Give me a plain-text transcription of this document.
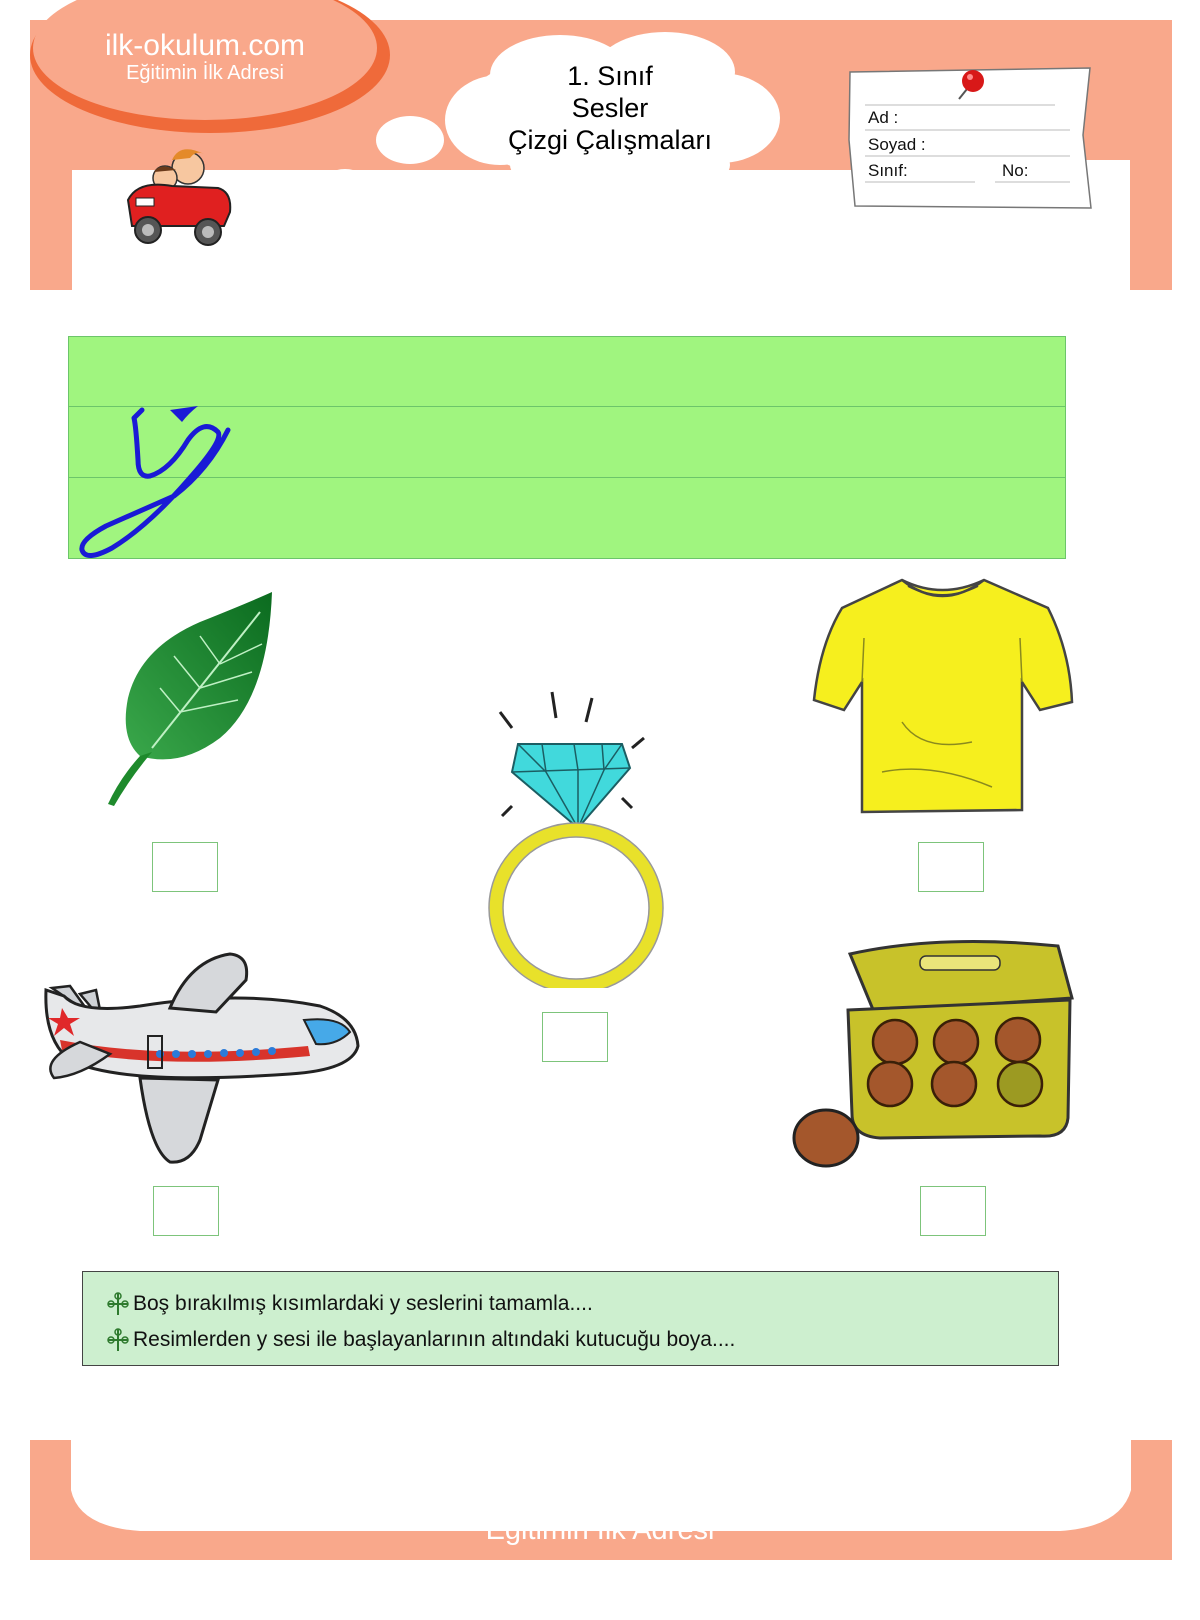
ilk-okulum.com
Eğitimin İlk Adresi	1. Sınıf
Sesler
Çizgi Çalışmaları
Ad :
Soyad :
Sınıf:	No:
Boş bırakılmış kısımlardaki y seslerini tamamla....
Resimlerden y sesi ile başlayanlarının altındaki kutucuğu boya....
ilk-okulum.com
Eğitimin İlk Adresi
